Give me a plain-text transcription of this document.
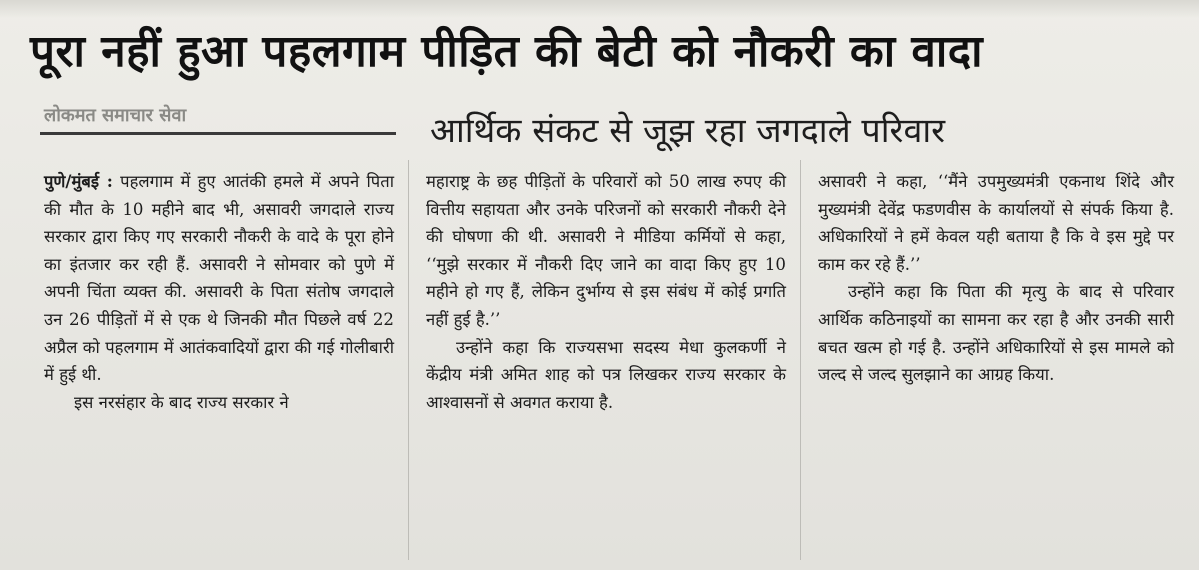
पूरा नहीं हुआ पहलगाम पीड़ित की बेटी को नौकरी का वादा
लोकमत समाचार सेवा	आर्थिक संकट से जूझ रहा जगदाले परिवार

पुणे/मुंबई : पहलगाम में हुए आतंकी हमले में अपने पिता की मौत के 10 महीने बाद भी, असावरी जगदाले राज्य सरकार द्वारा किए गए सरकारी नौकरी के वादे के पूरा होने का इंतजार कर रही हैं. असावरी ने सोमवार को पुणे में अपनी चिंता व्यक्त की. असावरी के पिता संतोष जगदाले उन 26 पीड़ितों में से एक थे जिनकी मौत पिछले वर्ष 22 अप्रैल को पहलगाम में आतंकवादियों द्वारा की गई गोलीबारी में हुई थी.

इस नरसंहार के बाद राज्य सरकार ने

महाराष्ट्र के छह पीड़ितों के परिवारों को 50 लाख रुपए की वित्तीय सहायता और उनके परिजनों को सरकारी नौकरी देने की घोषणा की थी. असावरी ने मीडिया कर्मियों से कहा, ‘‘मुझे सरकार में नौकरी दिए जाने का वादा किए हुए 10 महीने हो गए हैं, लेकिन दुर्भाग्य से इस संबंध में कोई प्रगति नहीं हुई है.’’

उन्होंने कहा कि राज्यसभा सदस्य मेधा कुलकर्णी ने केंद्रीय मंत्री अमित शाह को पत्र लिखकर राज्य सरकार के आश्वासनों से अवगत कराया है.

असावरी ने कहा, ‘‘मैंने उपमुख्यमंत्री एकनाथ शिंदे और मुख्यमंत्री देवेंद्र फडणवीस के कार्यालयों से संपर्क किया है. अधिकारियों ने हमें केवल यही बताया है कि वे इस मुद्दे पर काम कर रहे हैं.’’

उन्होंने कहा कि पिता की मृत्यु के बाद से परिवार आर्थिक कठिनाइयों का सामना कर रहा है और उनकी सारी बचत खत्म हो गई है. उन्होंने अधिकारियों से इस मामले को जल्द से जल्द सुलझाने का आग्रह किया.
